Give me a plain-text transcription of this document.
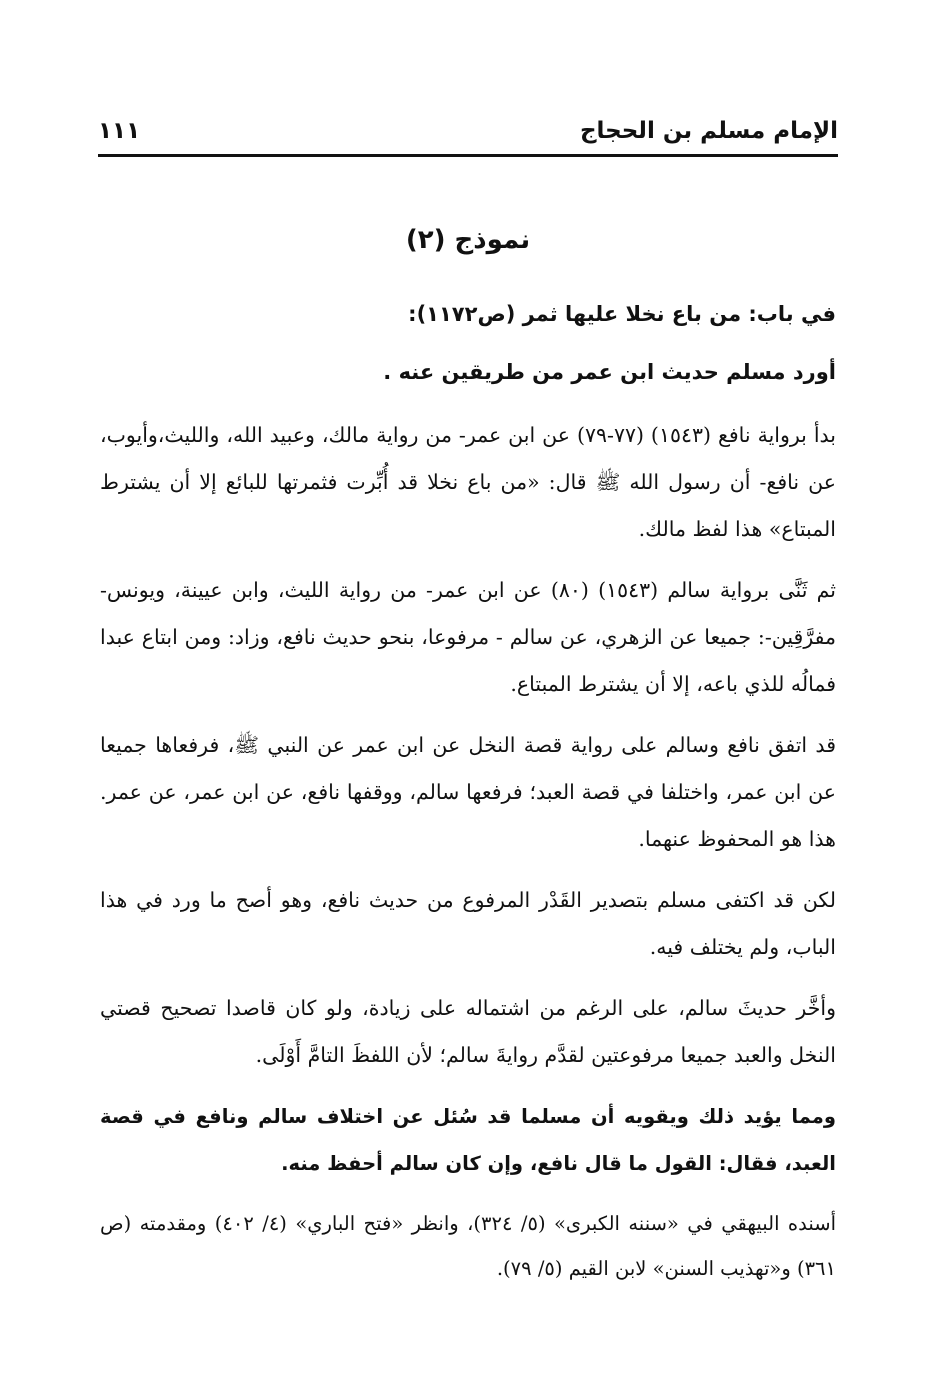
الإمام مسلم بن الحجاج
١١١
نموذج (٢)
في باب: من باع نخلا عليها ثمر (ص١١٧٢):
أورد مسلم حديث ابن عمر من طريقين عنه .

بدأ برواية نافع (١٥٤٣) (٧٧-٧٩) عن ابن عمر- من رواية مالك، وعبيد الله، والليث،وأيوب، عن نافع- أن رسول الله ﷺ قال: «من باع نخلا قد أُبِّرت فثمرتها للبائع إلا أن يشترط المبتاع» هذا لفظ مالك.

ثم ثَنَّى برواية سالم (١٥٤٣) (٨٠) عن ابن عمر- من رواية الليث، وابن عيينة، ويونس-مفرَّقِين-: جميعا عن الزهري، عن سالم - مرفوعا، بنحو حديث نافع، وزاد: ومن ابتاع عبدا فمالُه للذي باعه، إلا أن يشترط المبتاع.

قد اتفق نافع وسالم على رواية قصة النخل عن ابن عمر عن النبي ﷺ، فرفعاها جميعا عن ابن عمر، واختلفا في قصة العبد؛ فرفعها سالم، ووقفها نافع، عن ابن عمر، عن عمر. هذا هو المحفوظ عنهما.

لكن قد اكتفى مسلم بتصدير القَدْر المرفوع من حديث نافع، وهو أصح ما ورد في هذا الباب، ولم يختلف فيه.

وأخَّر حديثَ سالم، على الرغم من اشتماله على زيادة، ولو كان قاصدا تصحيح قصتي النخل والعبد جميعا مرفوعتين لقدَّم روايةَ سالم؛ لأن اللفظَ التامَّ أَوْلَى.

ومما يؤيد ذلك ويقويه أن مسلما قد سُئل عن اختلاف سالم ونافع في قصة العبد، فقال: القول ما قال نافع، وإن كان سالم أحفظ منه.

أسنده البيهقي في «سننه الكبرى» (٥/ ٣٢٤)، وانظر «فتح الباري» (٤/ ٤٠٢) ومقدمته (ص ٣٦١) و«تهذيب السنن» لابن القيم (٥/ ٧٩).
